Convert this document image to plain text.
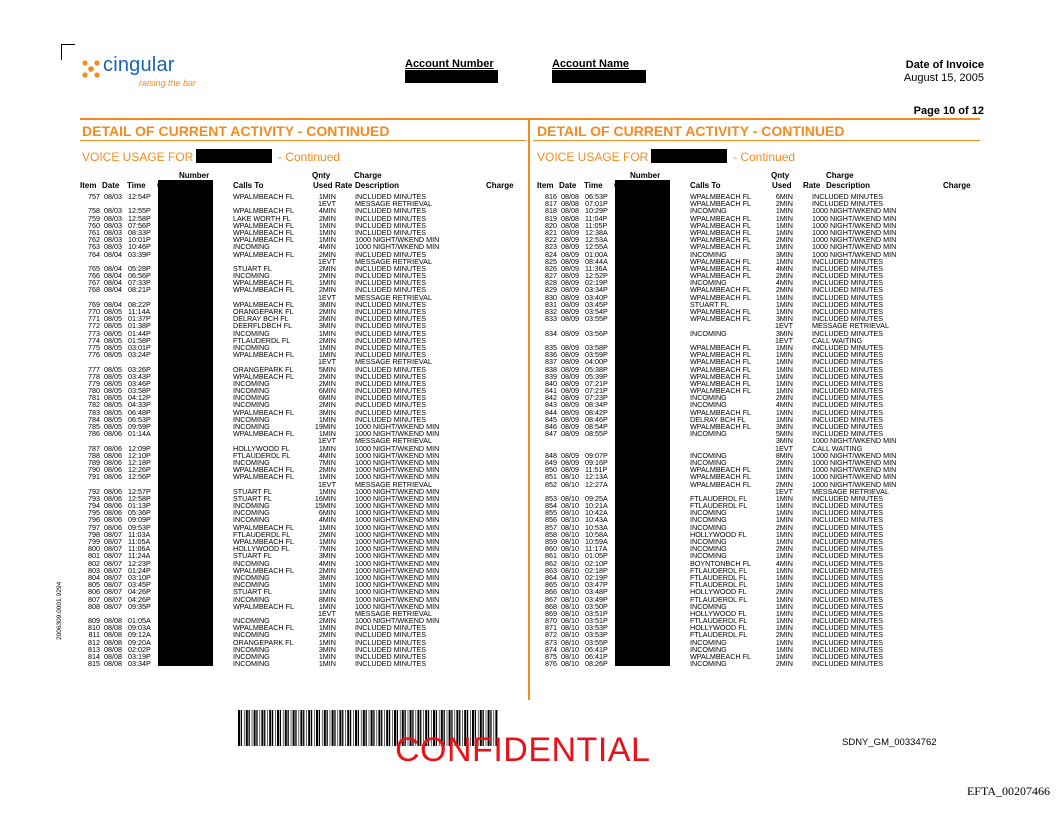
cingular
raising the bar
Account Number	Account Name	Date of Invoice
August 15, 2005
Page 10 of 12
DETAIL OF CURRENT ACTIVITY - CONTINUED
VOICE USAGE FOR	- Continued
Number	Qnty	Charge
Item Date Time	Calls To	Used Rate Description	Charge
757 08/03 12:54P	WPALMBEACH FL	1MIN	INCLUDED MINUTES
1EVT	MESSAGE RETRIEVAL
758 08/03 12:55P	WPALMBEACH FL	4MIN	INCLUDED MINUTES
759 08/03 12:58P	LAKE WORTH FL	2MIN	INCLUDED MINUTES
760 08/03 07:56P	WPALMBEACH FL	1MIN	INCLUDED MINUTES
761 08/03 08:33P	WPALMBEACH FL	1MIN	INCLUDED MINUTES
762 08/03 10:01P	WPALMBEACH FL	1MIN	1000 NIGHT/WKEND MIN
763 08/03 10:46P	INCOMING	4MIN	1000 NIGHT/WKEND MIN
764 08/04 03:39P	WPALMBEACH FL	2MIN	INCLUDED MINUTES
1EVT	MESSAGE RETRIEVAL
765 08/04 05:28P	STUART FL	2MIN	INCLUDED MINUTES
766 08/04 06:56P	INCOMING	2MIN	INCLUDED MINUTES
767 08/04 07:33P	WPALMBEACH FL	1MIN	INCLUDED MINUTES
768 08/04 08:21P	WPALMBEACH FL	2MIN	INCLUDED MINUTES
1EVT	MESSAGE RETRIEVAL
769 08/04 08:22P	WPALMBEACH FL	3MIN	INCLUDED MINUTES
770 08/05 11:14A	ORANGEPARK FL	2MIN	INCLUDED MINUTES
771 08/05 01:37P	DELRAY BCH FL	2MIN	INCLUDED MINUTES
772 08/05 01:38P	DEERFLDBCH FL	3MIN	INCLUDED MINUTES
773 08/05 01:44P	INCOMING	1MIN	INCLUDED MINUTES
774 08/05 01:58P	FTLAUDERDL FL	2MIN	INCLUDED MINUTES
775 08/05 03:01P	INCOMING	1MIN	INCLUDED MINUTES
776 08/05 03:24P	WPALMBEACH FL	1MIN	INCLUDED MINUTES
1EVT	MESSAGE RETRIEVAL
777 08/05 03:26P	ORANGEPARK FL	5MIN	INCLUDED MINUTES
778 08/05 03:43P	WPALMBEACH FL	2MIN	INCLUDED MINUTES
779 08/05 03:46P	INCOMING	2MIN	INCLUDED MINUTES
780 08/05 03:58P	INCOMING	6MIN	INCLUDED MINUTES
781 08/05 04:12P	INCOMING	6MIN	INCLUDED MINUTES
782 08/05 04:33P	INCOMING	2MIN	INCLUDED MINUTES
783 08/05 06:48P	WPALMBEACH FL	3MIN	INCLUDED MINUTES
784 08/05 06:53P	INCOMING	1MIN	INCLUDED MINUTES
785 08/05 09:59P	INCOMING	19MIN	1000 NIGHT/WKEND MIN
786 08/06 01:14A	WPALMBEACH FL	1MIN	1000 NIGHT/WKEND MIN
1EVT	MESSAGE RETRIEVAL
787 08/06 12:09P	HOLLYWOOD FL	1MIN	1000 NIGHT/WKEND MIN
788 08/06 12:10P	FTLAUDERDL FL	4MIN	1000 NIGHT/WKEND MIN
789 08/06 12:18P	INCOMING	7MIN	1000 NIGHT/WKEND MIN
790 08/06 12:26P	WPALMBEACH FL	2MIN	1000 NIGHT/WKEND MIN
791 08/06 12:56P	WPALMBEACH FL	1MIN	1000 NIGHT/WKEND MIN
1EVT	MESSAGE RETRIEVAL
792 08/06 12:57P	STUART FL	1MIN	1000 NIGHT/WKEND MIN
793 08/06 12:58P	STUART FL	16MIN	1000 NIGHT/WKEND MIN
794 08/06 01:13P	INCOMING	15MIN	1000 NIGHT/WKEND MIN
795 08/06 05:36P	INCOMING	6MIN	1000 NIGHT/WKEND MIN
796 08/06 09:09P	INCOMING	4MIN	1000 NIGHT/WKEND MIN
797 08/06 09:53P	WPALMBEACH FL	1MIN	1000 NIGHT/WKEND MIN
798 08/07 11:03A	FTLAUDERDL FL	2MIN	1000 NIGHT/WKEND MIN
799 08/07 11:05A	WPALMBEACH FL	1MIN	1000 NIGHT/WKEND MIN
800 08/07 11:06A	HOLLYWOOD FL	7MIN	1000 NIGHT/WKEND MIN
801 08/07 11:24A	STUART FL	3MIN	1000 NIGHT/WKEND MIN
802 08/07 12:23P	INCOMING	4MIN	1000 NIGHT/WKEND MIN
803 08/07 01:24P	WPALMBEACH FL	2MIN	1000 NIGHT/WKEND MIN
804 08/07 03:10P	INCOMING	3MIN	1000 NIGHT/WKEND MIN
805 08/07 03:45P	INCOMING	1MIN	1000 NIGHT/WKEND MIN
806 08/07 04:26P	STUART FL	1MIN	1000 NIGHT/WKEND MIN
807 08/07 04:26P	INCOMING	8MIN	1000 NIGHT/WKEND MIN
808 08/07 09:35P	WPALMBEACH FL	1MIN	1000 NIGHT/WKEND MIN
1EVT	MESSAGE RETRIEVAL
809 08/08 01:05A	INCOMING	2MIN	1000 NIGHT/WKEND MIN
810 08/08 09:03A	WPALMBEACH FL	1MIN	INCLUDED MINUTES
811 08/08 09:12A	INCOMING	2MIN	INCLUDED MINUTES
812 08/08 09:20A	ORANGEPARK FL	1MIN	INCLUDED MINUTES
813 08/08 02:02P	INCOMING	3MIN	INCLUDED MINUTES
814 08/08 03:19P	INCOMING	1MIN	INCLUDED MINUTES
815 08/08 03:34P	INCOMING	1MIN	INCLUDED MINUTES
DETAIL OF CURRENT ACTIVITY - CONTINUED
VOICE USAGE FOR	- Continued
Number	Qnty	Charge
Item Date Time	Calls To	Used Rate Description	Charge
816 08/08 06:53P	WPALMBEACH FL	6MIN	INCLUDED MINUTES
817 08/08 07:01P	WPALMBEACH FL	2MIN	INCLUDED MINUTES
818 08/08 10:29P	INCOMING	1MIN	1000 NIGHT/WKEND MIN
819 08/08 11:04P	WPALMBEACH FL	1MIN	1000 NIGHT/WKEND MIN
820 08/08 11:05P	WPALMBEACH FL	1MIN	1000 NIGHT/WKEND MIN
821 08/09 12:38A	WPALMBEACH FL	1MIN	1000 NIGHT/WKEND MIN
822 08/09 12:53A	WPALMBEACH FL	2MIN	1000 NIGHT/WKEND MIN
823 08/09 12:55A	WPALMBEACH FL	1MIN	1000 NIGHT/WKEND MIN
824 08/09 01:00A	INCOMING	3MIN	1000 NIGHT/WKEND MIN
825 08/09 08:44A	WPALMBEACH FL	1MIN	INCLUDED MINUTES
826 08/09 11:36A	WPALMBEACH FL	4MIN	INCLUDED MINUTES
827 08/09 12:52P	WPALMBEACH FL	2MIN	INCLUDED MINUTES
828 08/09 02:19P	INCOMING	4MIN	INCLUDED MINUTES
829 08/09 03:34P	WPALMBEACH FL	2MIN	INCLUDED MINUTES
830 08/09 03:40P	WPALMBEACH FL	1MIN	INCLUDED MINUTES
831 08/09 03:45P	STUART FL	1MIN	INCLUDED MINUTES
832 08/09 03:54P	WPALMBEACH FL	1MIN	INCLUDED MINUTES
833 08/09 03:55P	WPALMBEACH FL	3MIN	INCLUDED MINUTES
1EVT	MESSAGE RETRIEVAL
834 08/09 03:56P	INCOMING	3MIN	INCLUDED MINUTES
1EVT	CALL WAITING
835 08/09 03:58P	WPALMBEACH FL	1MIN	INCLUDED MINUTES
836 08/09 03:59P	WPALMBEACH FL	1MIN	INCLUDED MINUTES
837 08/09 04:00P	WPALMBEACH FL	1MIN	INCLUDED MINUTES
838 08/09 05:38P	WPALMBEACH FL	1MIN	INCLUDED MINUTES
839 08/09 05:39P	WPALMBEACH FL	1MIN	INCLUDED MINUTES
840 08/09 07:21P	WPALMBEACH FL	1MIN	INCLUDED MINUTES
841 08/09 07:21P	WPALMBEACH FL	1MIN	INCLUDED MINUTES
842 08/09 07:23P	INCOMING	2MIN	INCLUDED MINUTES
843 08/09 08:34P	INCOMING	4MIN	INCLUDED MINUTES
844 08/09 08:42P	WPALMBEACH FL	1MIN	INCLUDED MINUTES
845 08/09 08:46P	DELRAY BCH FL	1MIN	INCLUDED MINUTES
846 08/09 08:54P	WPALMBEACH FL	3MIN	INCLUDED MINUTES
847 08/09 08:55P	INCOMING	5MIN	INCLUDED MINUTES
3MIN	1000 NIGHT/WKEND MIN
1EVT	CALL WAITING
848 08/09 09:07P	INCOMING	8MIN	1000 NIGHT/WKEND MIN
849 08/09 09:16P	INCOMING	2MIN	1000 NIGHT/WKEND MIN
850 08/09 11:51P	WPALMBEACH FL	1MIN	1000 NIGHT/WKEND MIN
851 08/10 12:13A	WPALMBEACH FL	1MIN	1000 NIGHT/WKEND MIN
852 08/10 12:27A	WPALMBEACH FL	2MIN	1000 NIGHT/WKEND MIN
1EVT	MESSAGE RETRIEVAL
853 08/10 09:25A	FTLAUDERDL FL	1MIN	INCLUDED MINUTES
854 08/10 10:21A	FTLAUDERDL FL	1MIN	INCLUDED MINUTES
855 08/10 10:42A	INCOMING	1MIN	INCLUDED MINUTES
856 08/10 10:43A	INCOMING	1MIN	INCLUDED MINUTES
857 08/10 10:53A	INCOMING	2MIN	INCLUDED MINUTES
858 08/10 10:58A	HOLLYWOOD FL	1MIN	INCLUDED MINUTES
859 08/10 10:59A	INCOMING	1MIN	INCLUDED MINUTES
860 08/10 11:17A	INCOMING	2MIN	INCLUDED MINUTES
861 08/10 01:05P	INCOMING	1MIN	INCLUDED MINUTES
862 08/10 02:10P	BOYNTONBCH FL	4MIN	INCLUDED MINUTES
863 08/10 02:18P	FTLAUDERDL FL	1MIN	INCLUDED MINUTES
864 08/10 02:19P	FTLAUDERDL FL	1MIN	INCLUDED MINUTES
865 08/10 03:47P	FTLAUDERDL FL	1MIN	INCLUDED MINUTES
866 08/10 03:48P	HOLLYWOOD FL	2MIN	INCLUDED MINUTES
867 08/10 03:49P	FTLAUDERDL FL	1MIN	INCLUDED MINUTES
868 08/10 03:50P	INCOMING	1MIN	INCLUDED MINUTES
869 08/10 03:51P	HOLLYWOOD FL	1MIN	INCLUDED MINUTES
870 08/10 03:51P	FTLAUDERDL FL	1MIN	INCLUDED MINUTES
871 08/10 03:53P	HOLLYWOOD FL	1MIN	INCLUDED MINUTES
872 08/10 03:53P	FTLAUDERDL FL	2MIN	INCLUDED MINUTES
873 08/10 03:55P	INCOMING	1MIN	INCLUDED MINUTES
874 08/10 06:41P	INCOMING	1MIN	INCLUDED MINUTES
875 08/10 06:41P	WPALMBEACH FL	1MIN	INCLUDED MINUTES
876 08/10 08:26P	INCOMING	2MIN	INCLUDED MINUTES
CONFIDENTIAL	SDNY_GM_00334762
EFTA_00207466
2006309.0001·9294
